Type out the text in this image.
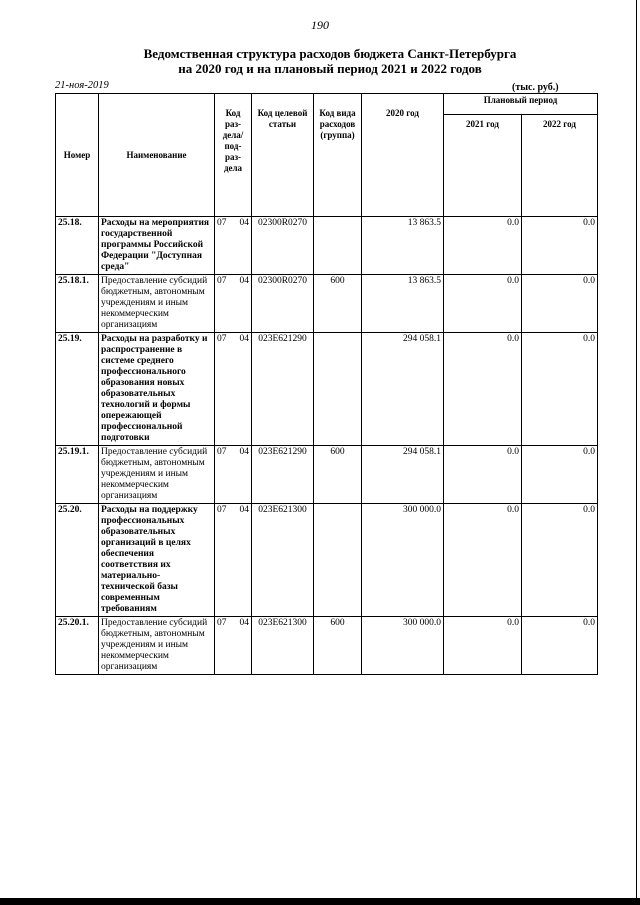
190
Ведомственная структура расходов бюджета Санкт-Петербурга
на 2020 год и на плановый период 2021 и 2022 годов
21-ноя-2019	(тыс. руб.)
Номер	Наименование	Код раз- дела/ под- раз- дела	Код целевой статьи	Код вида расходов (группа)	2020 год	Плановый период	
						2021 год	2022 год
25.18.	Расходы на мероприятия государственной программы Российской Федерации "Доступная среда"	07 04	02300R0270		13 863.5	0.0	0.0
25.18.1.	Предоставление субсидий бюджетным, автономным учреждениям и иным некоммерческим организациям	07 04	02300R0270	600	13 863.5	0.0	0.0
25.19.	Расходы на разработку и распространение в системе среднего профессионального образования новых образовательных технологий и формы опережающей профессиональной подготовки	07 04	023E621290		294 058.1	0.0	0.0
25.19.1.	Предоставление субсидий бюджетным, автономным учреждениям и иным некоммерческим организациям	07 04	023E621290	600	294 058.1	0.0	0.0
25.20.	Расходы на поддержку профессиональных образовательных организаций в целях обеспечения соответствия их материально-технической базы современным требованиям	07 04	023E621300		300 000.0	0.0	0.0
25.20.1.	Предоставление субсидий бюджетным, автономным учреждениям и иным некоммерческим организациям	07 04	023E621300	600	300 000.0	0.0	0.0
